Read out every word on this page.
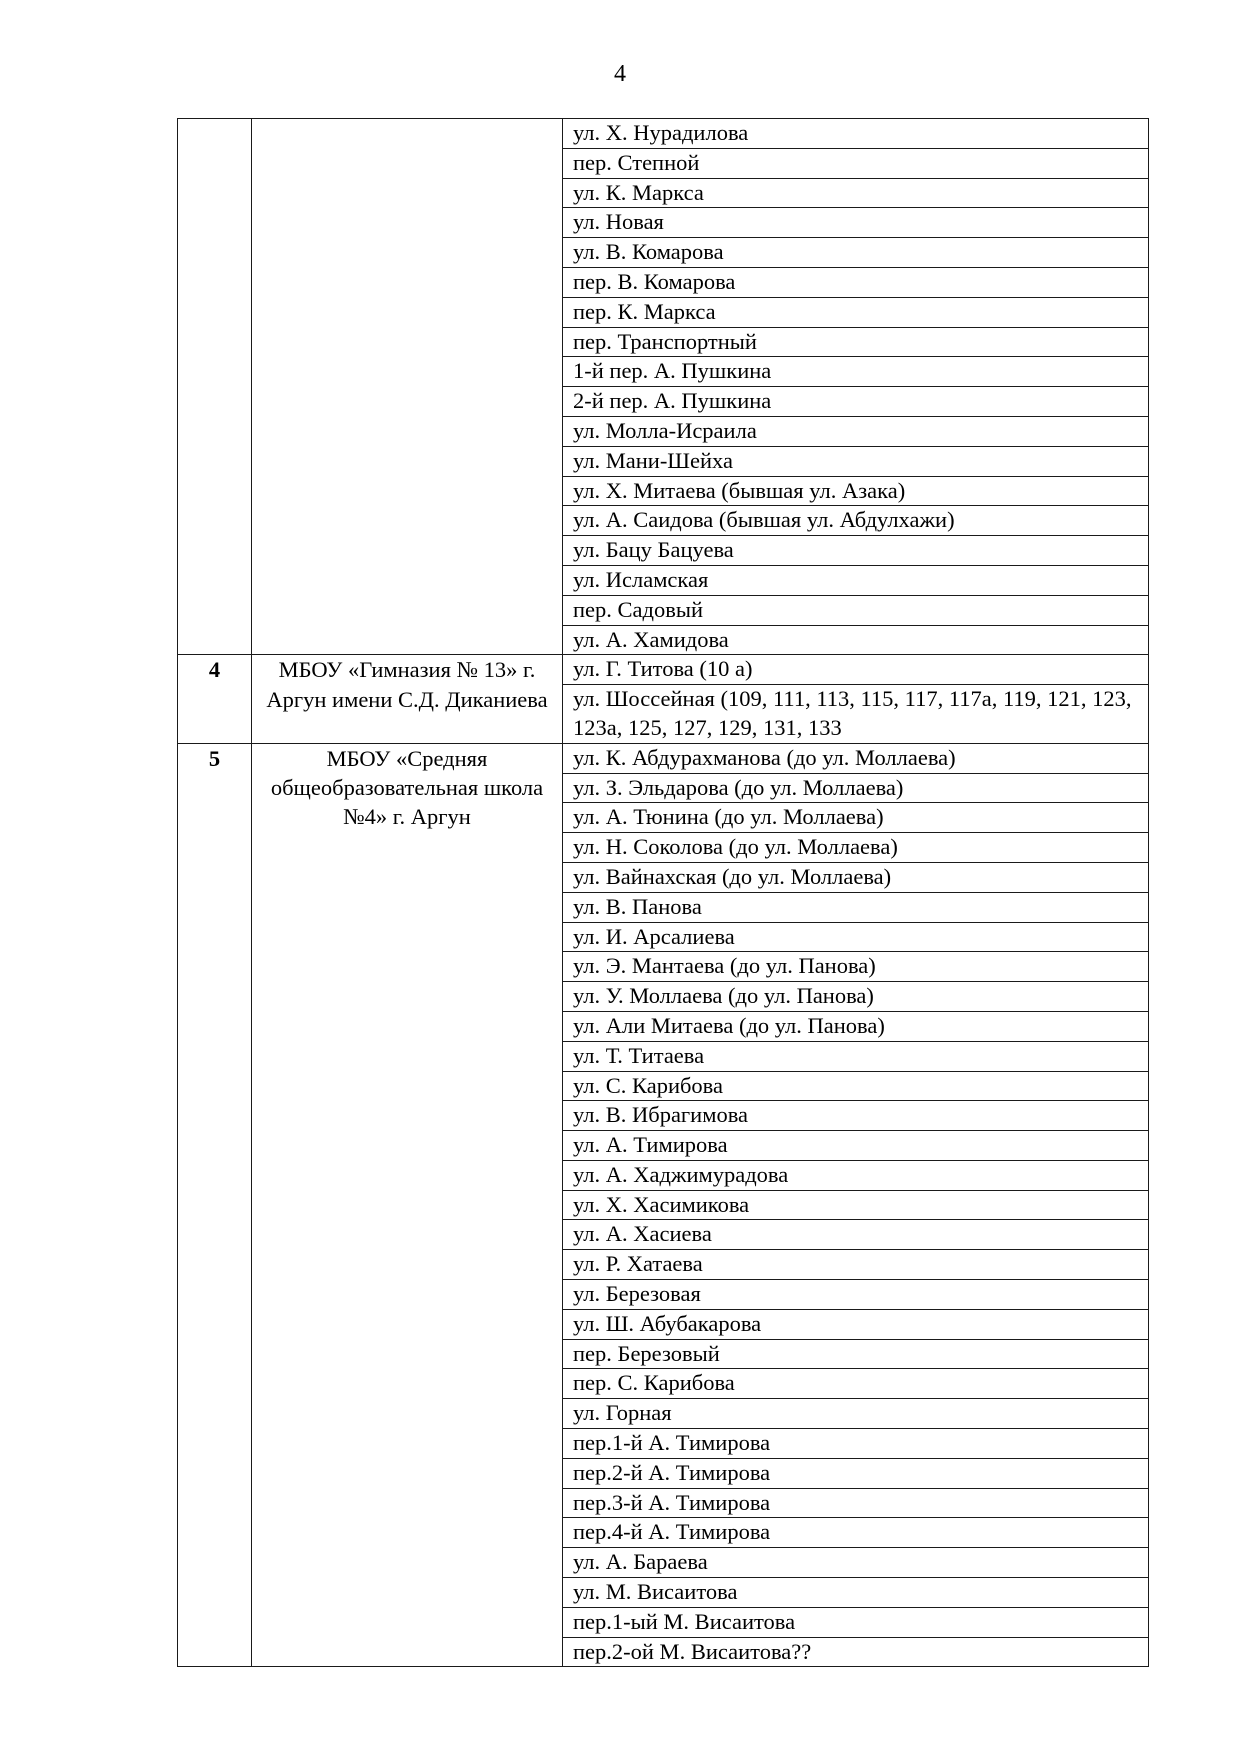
4
		ул. Х. Нурадилова
		пер. Степной
		ул. К. Маркса
		ул. Новая
		ул. В. Комарова
		пер. В. Комарова
		пер. К. Маркса
		пер. Транспортный
		1-й пер. А. Пушкина
		2-й пер. А. Пушкина
		ул. Молла-Исраила
		ул. Мани-Шейха
		ул. Х. Митаева (бывшая ул. Азака)
		ул. А. Саидова (бывшая ул. Абдулхажи)
		ул. Бацу Бацуева
		ул. Исламская
		пер. Садовый
		ул. А. Хамидова
4	МБОУ «Гимназия № 13» г. Аргун имени С.Д. Диканиева	ул. Г. Титова (10 а)
		ул. Шоссейная (109, 111, 113, 115, 117, 117а, 119, 121, 123, 123а, 125, 127, 129, 131, 133
5	МБОУ «Средняя общеобразовательная школа №4» г. Аргун	ул. К. Абдурахманова (до ул. Моллаева)
		ул. З. Эльдарова (до ул. Моллаева)
		ул. А. Тюнина (до ул. Моллаева)
		ул. Н. Соколова (до ул. Моллаева)
		ул. Вайнахская (до ул. Моллаева)
		ул. В. Панова
		ул. И. Арсалиева
		ул. Э. Мантаева (до ул. Панова)
		ул. У. Моллаева (до ул. Панова)
		ул. Али Митаева (до ул. Панова)
		ул. Т. Титаева
		ул. С. Карибова
		ул. В. Ибрагимова
		ул. А. Тимирова
		ул. А. Хаджимурадова
		ул. Х. Хасимикова
		ул. А. Хасиева
		ул. Р. Хатаева
		ул. Березовая
		ул. Ш. Абубакарова
		пер. Березовый
		пер. С. Карибова
		ул. Горная
		пер.1-й А. Тимирова
		пер.2-й А. Тимирова
		пер.3-й А. Тимирова
		пер.4-й А. Тимирова
		ул. А. Бараева
		ул. М. Висаитова
		пер.1-ый М. Висаитова
		пер.2-ой М. Висаитова??
